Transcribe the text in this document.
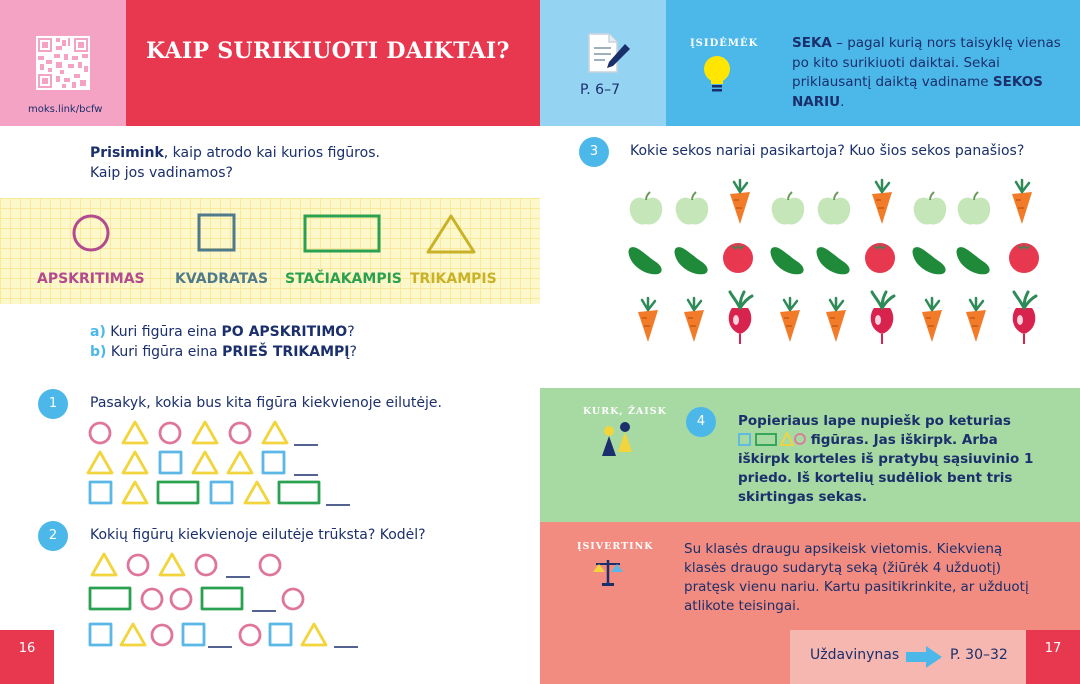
moks.link/bcfw
KAIP SURIKIUOTI DAIKTAI?
P. 6–7
ĮSIDĖMĖK SEKA – pagal kurią nors taisyklę vienas po kito surikiuoti daiktai. Sekai priklausantį daiktą vadiname SEKOS NARIU.
Prisimink, kaip atrodo kai kurios figūros.
Kaip jos vadinamos?
APSKRITIMAS KVADRATAS STAČIAKAMPIS TRIKAMPIS
a) Kuri figūra eina PO APSKRITIMO?
b) Kuri figūra eina PRIEŠ TRIKAMPĮ?
1	Pasakyk, kokia bus kita figūra kiekvienoje eilutėje.
2	Kokių figūrų kiekvienoje eilutėje trūksta? Kodėl?
16
3	Kokie sekos nariai pasikartoja? Kuo šios sekos panašios?
KURK, ŽAISK
4	Popieriaus lape nupiešk po keturias
figūras. Jas iškirpk. Arba iškirpk korteles iš pratybų sąsiuvinio 1 priedo. Iš kortelių sudėliok bent tris skirtingas sekas.
ĮSIVERTINK Su klasės draugu apsikeisk vietomis. Kiekvieną klasės draugo sudarytą seką (žiūrėk 4 užduotį) pratęsk vienu nariu. Kartu pasitikrinkite, ar užduotį atlikote teisingai.
Uždavinynas	P. 30–32	17
